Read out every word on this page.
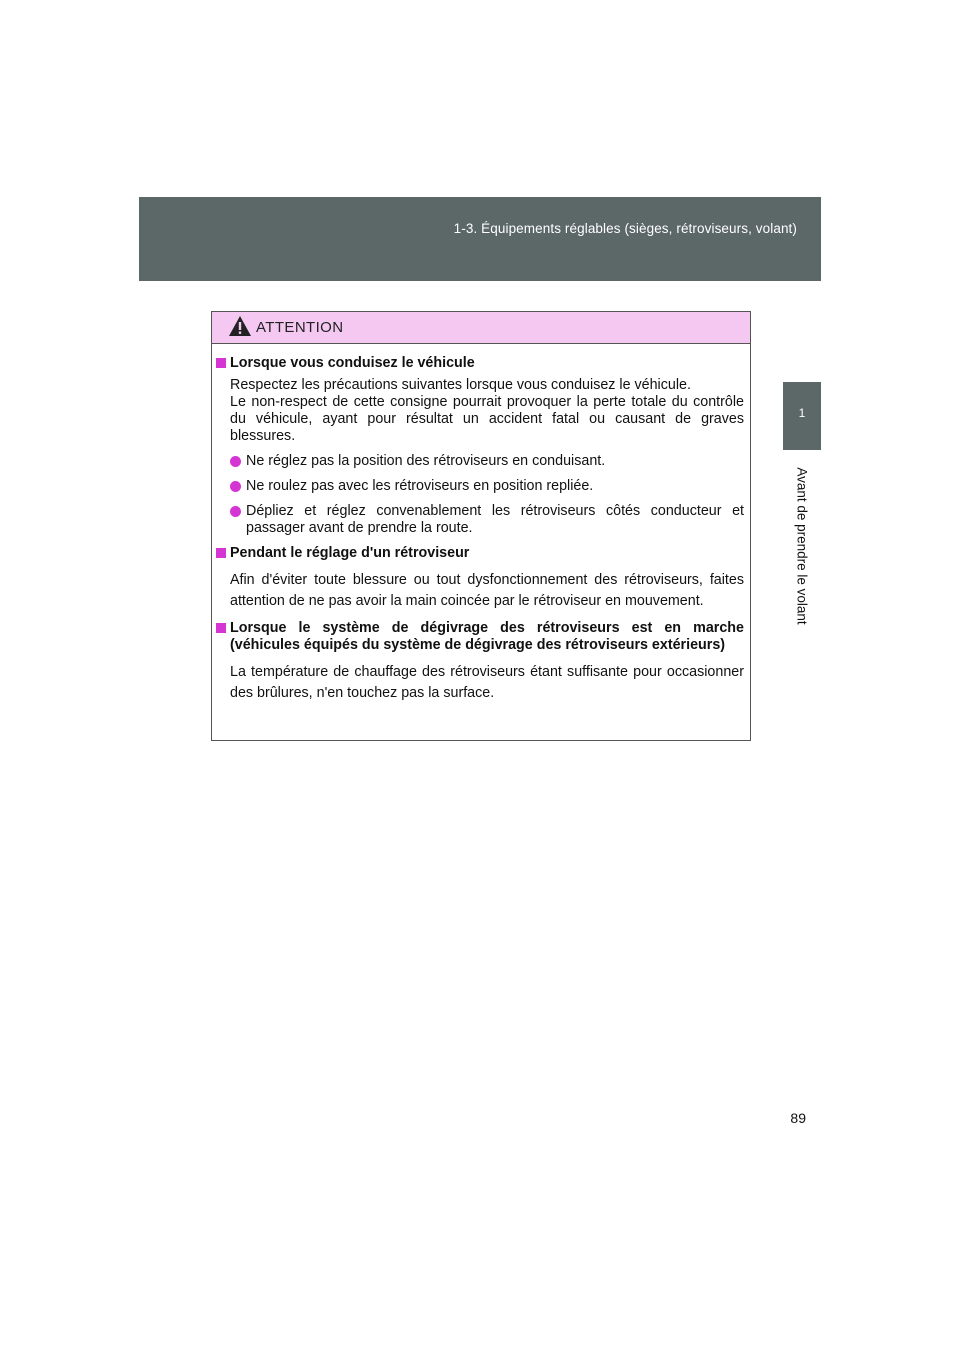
1-3. Équipements réglables (sièges, rétroviseurs, volant)
1
Avant de prendre le volant
ATTENTION
Lorsque vous conduisez le véhicule
Respectez les précautions suivantes lorsque vous conduisez le véhicule.
Le non-respect de cette consigne pourrait provoquer la perte totale du contrôle du véhicule, ayant pour résultat un accident fatal ou causant de graves blessures.
Ne réglez pas la position des rétroviseurs en conduisant.
Ne roulez pas avec les rétroviseurs en position repliée.
Dépliez et réglez convenablement les rétroviseurs côtés conducteur et passager avant de prendre la route.
Pendant le réglage d'un rétroviseur
Afin d'éviter toute blessure ou tout dysfonctionnement des rétroviseurs, faites attention de ne pas avoir la main coincée par le rétroviseur en mouvement.
Lorsque le système de dégivrage des rétroviseurs est en marche (véhicules équipés du système de dégivrage des rétroviseurs extérieurs)
La température de chauffage des rétroviseurs étant suffisante pour occasionner des brûlures, n'en touchez pas la surface.
89
